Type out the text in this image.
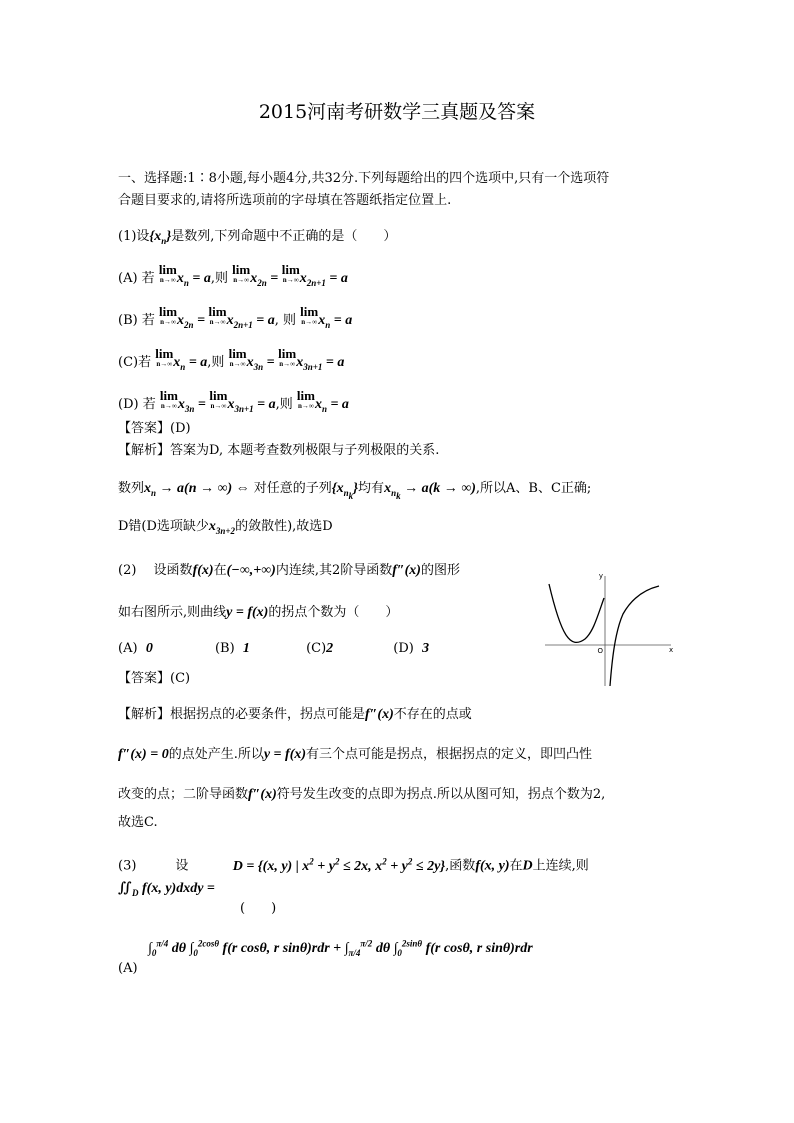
2015河南考研数学三真题及答案
一、选择题:1∶8小题,每小题4分,共32分.下列每题给出的四个选项中,只有一个选项符
合题目要求的,请将所选项前的字母填在答题纸指定位置上.
(1)设$\{x_n\}$是数列,下列命题中不正确的是（　　）
(A) 若
lim
n→∞ $x_n = a$,则
lim
n→∞ $x_{2n}$ =
lim
n→∞ $x_{2n+1} = a$
(B) 若
lim
n→∞ $x_{2n}$ =
lim
n→∞ $x_{2n+1} = a$, 则
lim
n→∞ $x_n = a$
(C)若
lim
n→∞ $x_n = a$,则
lim
n→∞ $x_{3n}$ =
lim
n→∞ $x_{3n+1} = a$
(D) 若
lim
n→∞ $x_{3n}$ =
lim
n→∞ $x_{3n+1} = a$,则
lim
n→∞ $x_n = a$
【答案】(D)
【解析】答案为D, 本题考查数列极限与子列极限的关系.
数列$x_n \to a(n$ → ∞) ⇔ 对任意的子列$\{x_{n_k}\}$均有$x_{n_k} \to a(k$ → ∞),所以A、B、C正确;
D错(D选项缺少$x_{3n+2}$的敛散性),故选D
(2)　 设函数f(x)在(−∞,+∞)内连续,其2阶导函数f″(x)的图形
如右图所示,则曲线y = f(x)的拐点个数为（　　）
(A) 0	(B) 1	(C)2	(D) 3
y
x
O
【答案】(C)
【解析】根据拐点的必要条件，拐点可能是f″(x)不存在的点或
f″(x) = 0的点处产生.所以y = f(x)有三个点可能是拐点，根据拐点的定义，即凹凸性
改变的点；二阶导函数f″(x)符号发生改变的点即为拐点.所以从图可知，拐点个数为2,
故选C.
(3)　　　设	D = {(x, y) | $x^2 + y^2 \le 2x$, $x^2 + y^2 \le 2y$},函数f(x, y)在D上连续,则
$∬_D$ f(x, y)dxdy =
(　　)
(A)
$\int_0^{\pi/4}$ dθ $\int_0^{2cos\theta}$ f(r cosθ, r $\sin\theta)rdr + \int_{\pi/4}^{\pi/2}$ dθ $\int_0^{2sin\theta}$ f(r cosθ, r sinθ)rdr
